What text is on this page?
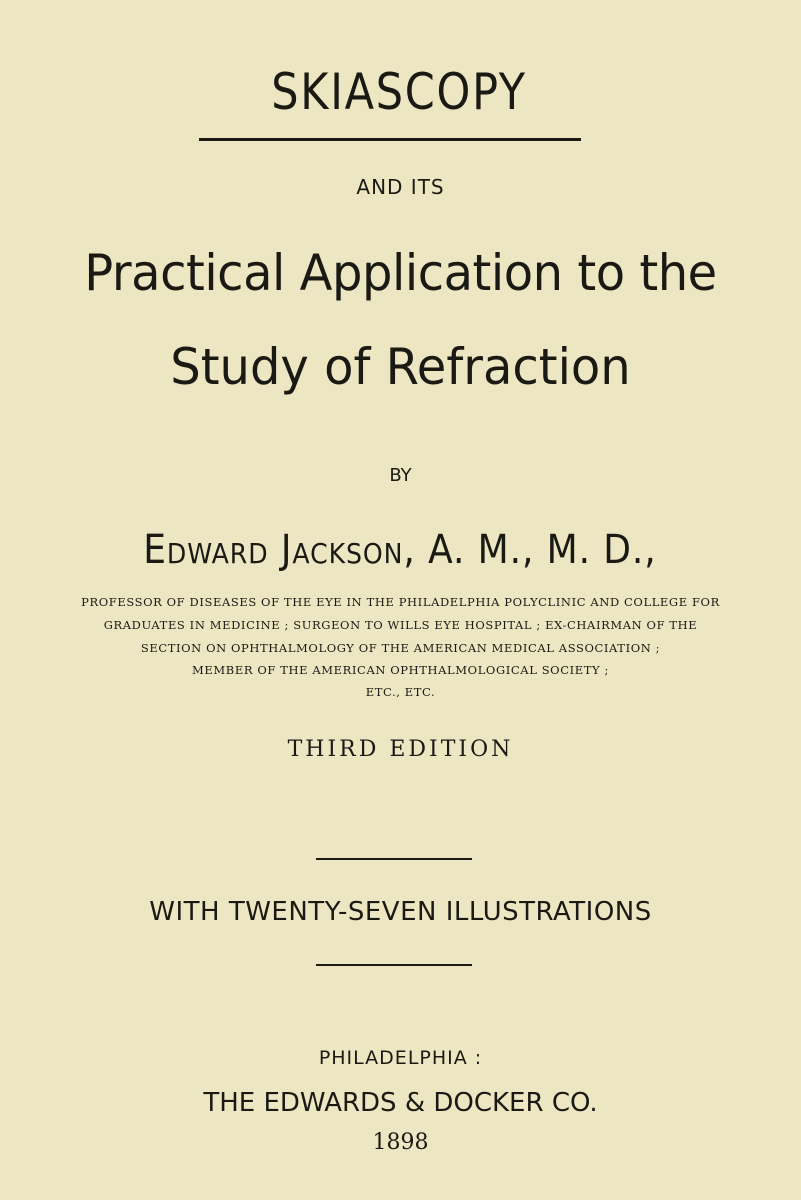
SKIASCOPY
AND ITS
Practical Application to the
Study of Refraction
BY
Edward Jackson, A. M., M. D.,
PROFESSOR OF DISEASES OF THE EYE IN THE PHILADELPHIA POLYCLINIC AND COLLEGE FOR
GRADUATES IN MEDICINE ; SURGEON TO WILLS EYE HOSPITAL ; EX-CHAIRMAN OF THE
SECTION ON OPHTHALMOLOGY OF THE AMERICAN MEDICAL ASSOCIATION ;
MEMBER OF THE AMERICAN OPHTHALMOLOGICAL SOCIETY ;
ETC., ETC.
THIRD EDITION
WITH TWENTY-SEVEN ILLUSTRATIONS
PHILADELPHIA :
THE EDWARDS & DOCKER CO.
1898
